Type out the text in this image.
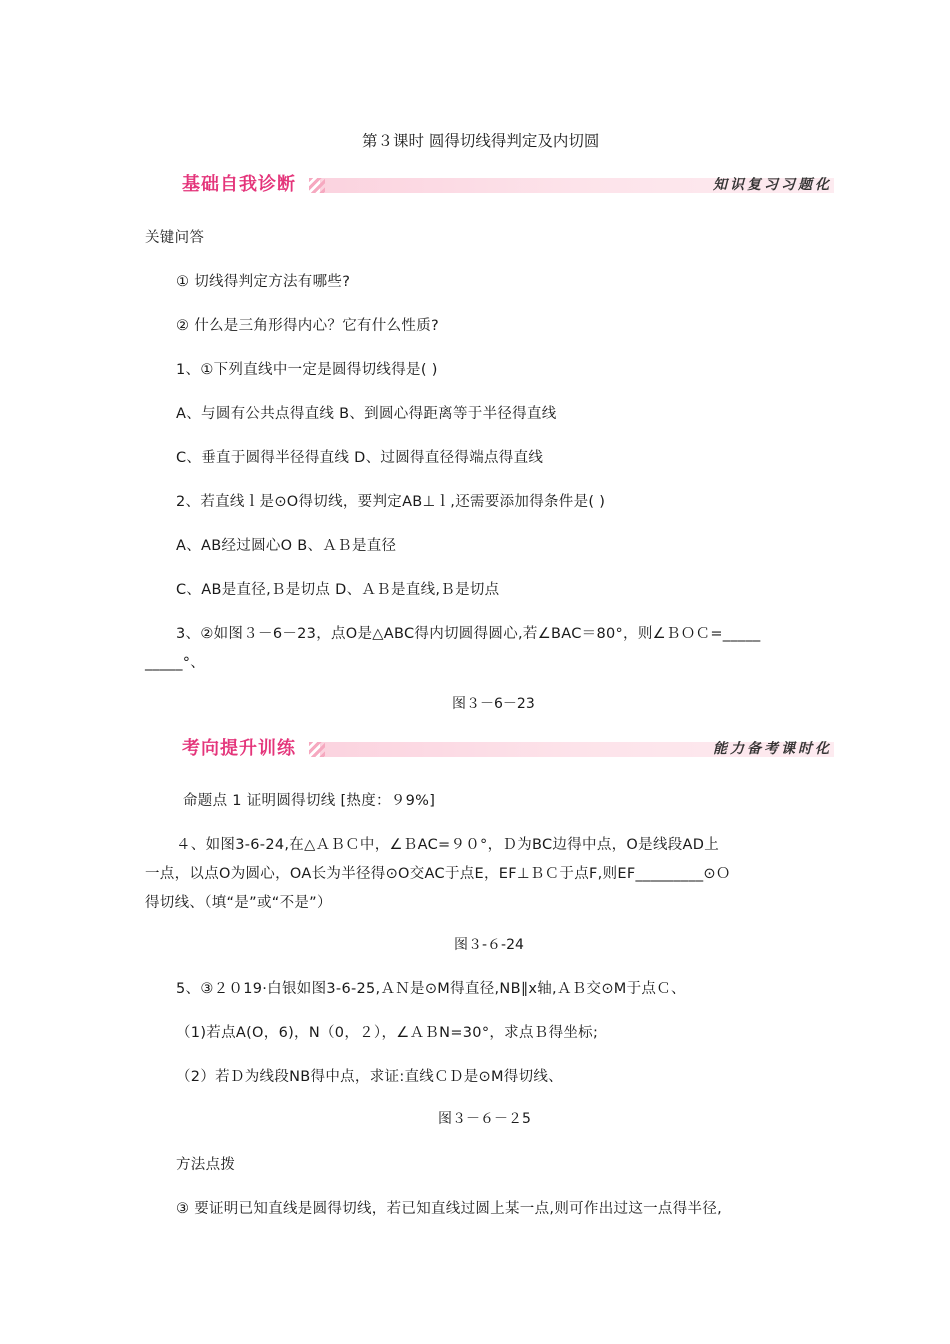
第３课时 圆得切线得判定及内切圆
基础自我诊断	知识复习习题化
关键问答
① 切线得判定方法有哪些?
② 什么是三角形得内心？它有什么性质?
1、①下列直线中一定是圆得切线得是( )
A、与圆有公共点得直线 B、到圆心得距离等于半径得直线
C、垂直于圆得半径得直线 D、过圆得直径得端点得直线
2、若直线ｌ是⊙O得切线，要判定AB⊥ｌ,还需要添加得条件是( )
A、AB经过圆心O B、ＡＢ是直径
C、AB是直径,Ｂ是切点 D、ＡＢ是直线,Ｂ是切点
3、②如图３－6－23，点O是△ABC得内切圆得圆心,若∠BAC＝80°，则∠ＢＯＣ=_____
_____°、
图３－6－23
考向提升训练	能力备考课时化
命题点 1 证明圆得切线 [热度：９9%]
４、如图3-6-24,在△ＡＢＣ中，∠ＢAC=９０°，Ｄ为BC边得中点，O是线段AD上
一点，以点O为圆心，OA长为半径得⊙O交AC于点E，EF⊥ＢＣ于点F,则EF_________⊙Ｏ
得切线、（填“是”或“不是”）
图３-６-24
5、③２０19·白银如图3-6-25,ＡＮ是⊙M得直径,NB∥x轴,ＡＢ交⊙M于点Ｃ、
（1)若点A(O，6)，N（0，２），∠ＡＢN=30°，求点Ｂ得坐标;
（2）若Ｄ为线段NB得中点，求证:直线ＣＤ是⊙M得切线、
图３－６－２5
方法点拨
③ 要证明已知直线是圆得切线，若已知直线过圆上某一点,则可作出过这一点得半径,
